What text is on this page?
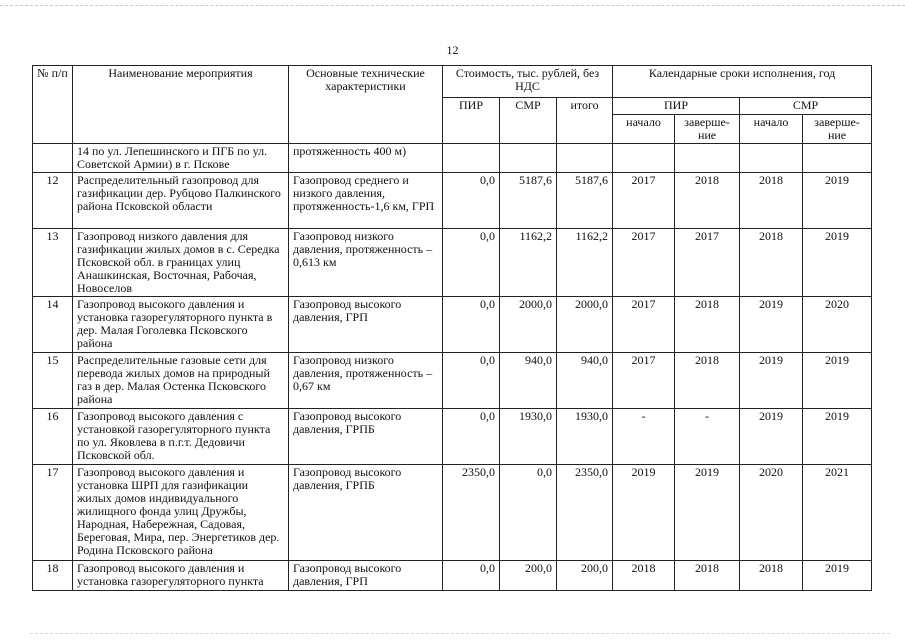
12
№ п/п	Наименование мероприятия	Основные технические характеристики	Стоимость, тыс. рублей, без НДС			Календарные сроки исполнения, год			
			ПИР	СМР	итого	ПИР		СМР	
						начало	заверше-ние	начало	заверше-ние
	14 по ул. Лепешинского и ПГБ по ул. Советской Армии) в г. Пскове	протяженность 400 м)							
12	Распределительный газопровод для газификации дер. Рубцово Палкинского района Псковской области	Газопровод среднего и низкого давления, протяженность-1,6 км, ГРП	0,0	5187,6	5187,6	2017	2018	2018	2019
13	Газопровод низкого давления для газификации жилых домов в с. Середка Псковской обл. в границах улиц Анашкинская, Восточная, Рабочая, Новоселов	Газопровод низкого давления, протяженность – 0,613 км	0,0	1162,2	1162,2	2017	2017	2018	2019
14	Газопровод высокого давления и установка газорегуляторного пункта в дер. Малая Гоголевка Псковского района	Газопровод высокого давления, ГРП	0,0	2000,0	2000,0	2017	2018	2019	2020
15	Распределительные газовые сети для перевода жилых домов на природный газ в дер. Малая Остенка Псковского района	Газопровод низкого давления, протяженность – 0,67 км	0,0	940,0	940,0	2017	2018	2019	2019
16	Газопровод высокого давления с установкой газорегуляторного пункта по ул. Яковлева в п.г.т. Дедовичи Псковской обл.	Газопровод высокого давления, ГРПБ	0,0	1930,0	1930,0	-	-	2019	2019
17	Газопровод высокого давления и установка ШРП для газификации жилых домов индивидуального жилищного фонда улиц Дружбы, Народная, Набережная, Садовая, Береговая, Мира, пер. Энергетиков дер. Родина Псковского района	Газопровод высокого давления, ГРПБ	2350,0	0,0	2350,0	2019	2019	2020	2021
18	Газопровод высокого давления и установка газорегуляторного пункта	Газопровод высокого давления, ГРП	0,0	200,0	200,0	2018	2018	2018	2019
